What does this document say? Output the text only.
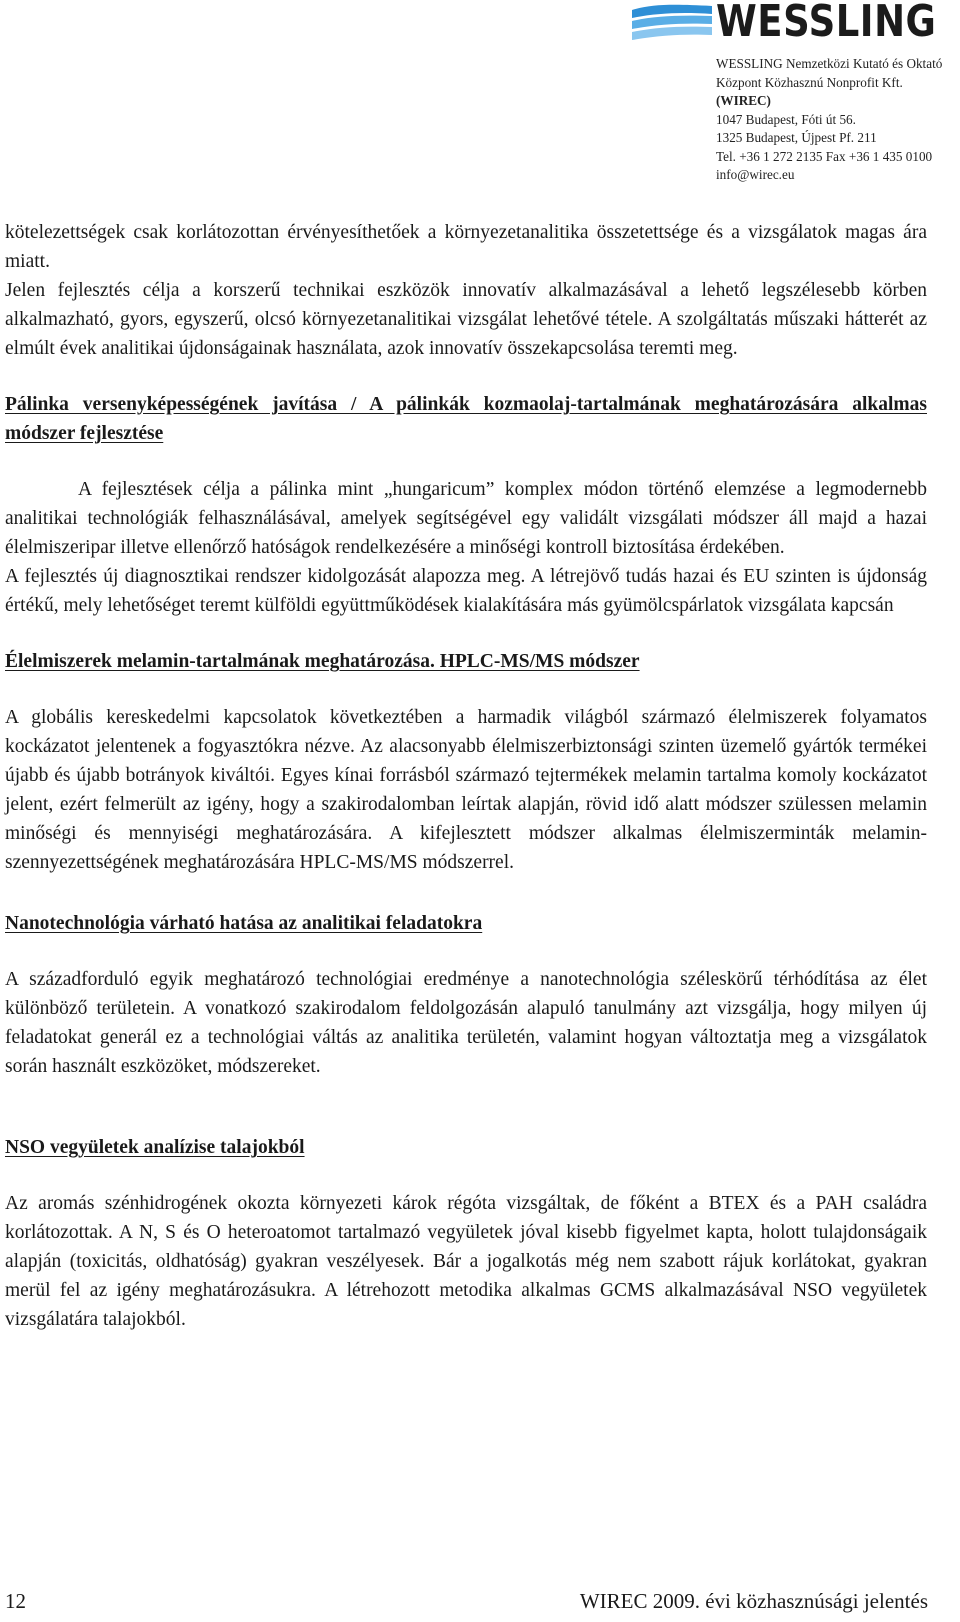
WESSLING
WESSLING Nemzetközi Kutató és Oktató
Központ Közhasznú Nonprofit Kft.
(WIREC)
1047 Budapest, Fóti út 56.
1325 Budapest, Újpest Pf. 211
Tel. +36 1 272 2135 Fax +36 1 435 0100
info@wirec.eu

kötelezettségek csak korlátozottan érvényesíthetőek a környezetanalitika összetettsége és a vizsgálatok magas ára miatt.

Jelen fejlesztés célja a korszerű technikai eszközök innovatív alkalmazásával a lehető legszélesebb körben alkalmazható, gyors, egyszerű, olcsó környezetanalitikai vizsgálat lehetővé tétele. A szolgáltatás műszaki hátterét az elmúlt évek analitikai újdonságainak használata, azok innovatív összekapcsolása teremti meg.

Pálinka versenyképességének javítása / A pálinkák kozmaolaj-tartalmának meghatározására alkalmas módszer fejlesztése

A fejlesztések célja a pálinka mint „hungaricum” komplex módon történő elemzése a legmodernebb analitikai technológiák felhasználásával, amelyek segítségével egy validált vizsgálati módszer áll majd a hazai élelmiszeripar illetve ellenőrző hatóságok rendelkezésére a minőségi kontroll biztosítása érdekében.

A fejlesztés új diagnosztikai rendszer kidolgozását alapozza meg. A létrejövő tudás hazai és EU szinten is újdonság értékű, mely lehetőséget teremt külföldi együttműködések kialakítására más gyümölcspárlatok vizsgálata kapcsán

Élelmiszerek melamin-tartalmának meghatározása. HPLC-MS/MS módszer

A globális kereskedelmi kapcsolatok következtében a harmadik világból származó élelmiszerek folyamatos kockázatot jelentenek a fogyasztókra nézve. Az alacsonyabb élelmiszerbiztonsági szinten üzemelő gyártók termékei újabb és újabb botrányok kiváltói. Egyes kínai forrásból származó tejtermékek melamin tartalma komoly kockázatot jelent, ezért felmerült az igény, hogy a szakirodalomban leírtak alapján, rövid idő alatt módszer szülessen melamin minőségi és mennyiségi meghatározására. A kifejlesztett módszer alkalmas élelmiszerminták melamin-szennyezettségének meghatározására HPLC-MS/MS módszerrel.

Nanotechnológia várható hatása az analitikai feladatokra

A századforduló egyik meghatározó technológiai eredménye a nanotechnológia széleskörű térhódítása az élet különböző területein. A vonatkozó szakirodalom feldolgozásán alapuló tanulmány azt vizsgálja, hogy milyen új feladatokat generál ez a technológiai váltás az analitika területén, valamint hogyan változtatja meg a vizsgálatok során használt eszközöket, módszereket.

NSO vegyületek analízise talajokból

Az aromás szénhidrogének okozta környezeti károk régóta vizsgáltak, de főként a BTEX és a PAH családra korlátozottak. A N, S és O heteroatomot tartalmazó vegyületek jóval kisebb figyelmet kapta, holott tulajdonságaik alapján (toxicitás, oldhatóság) gyakran veszélyesek. Bár a jogalkotás még nem szabott rájuk korlátokat, gyakran merül fel az igény meghatározásukra. A létrehozott metodika alkalmas GCMS alkalmazásával NSO vegyületek vizsgálatára talajokból.

12	WIREC 2009. évi közhasznúsági jelentés
